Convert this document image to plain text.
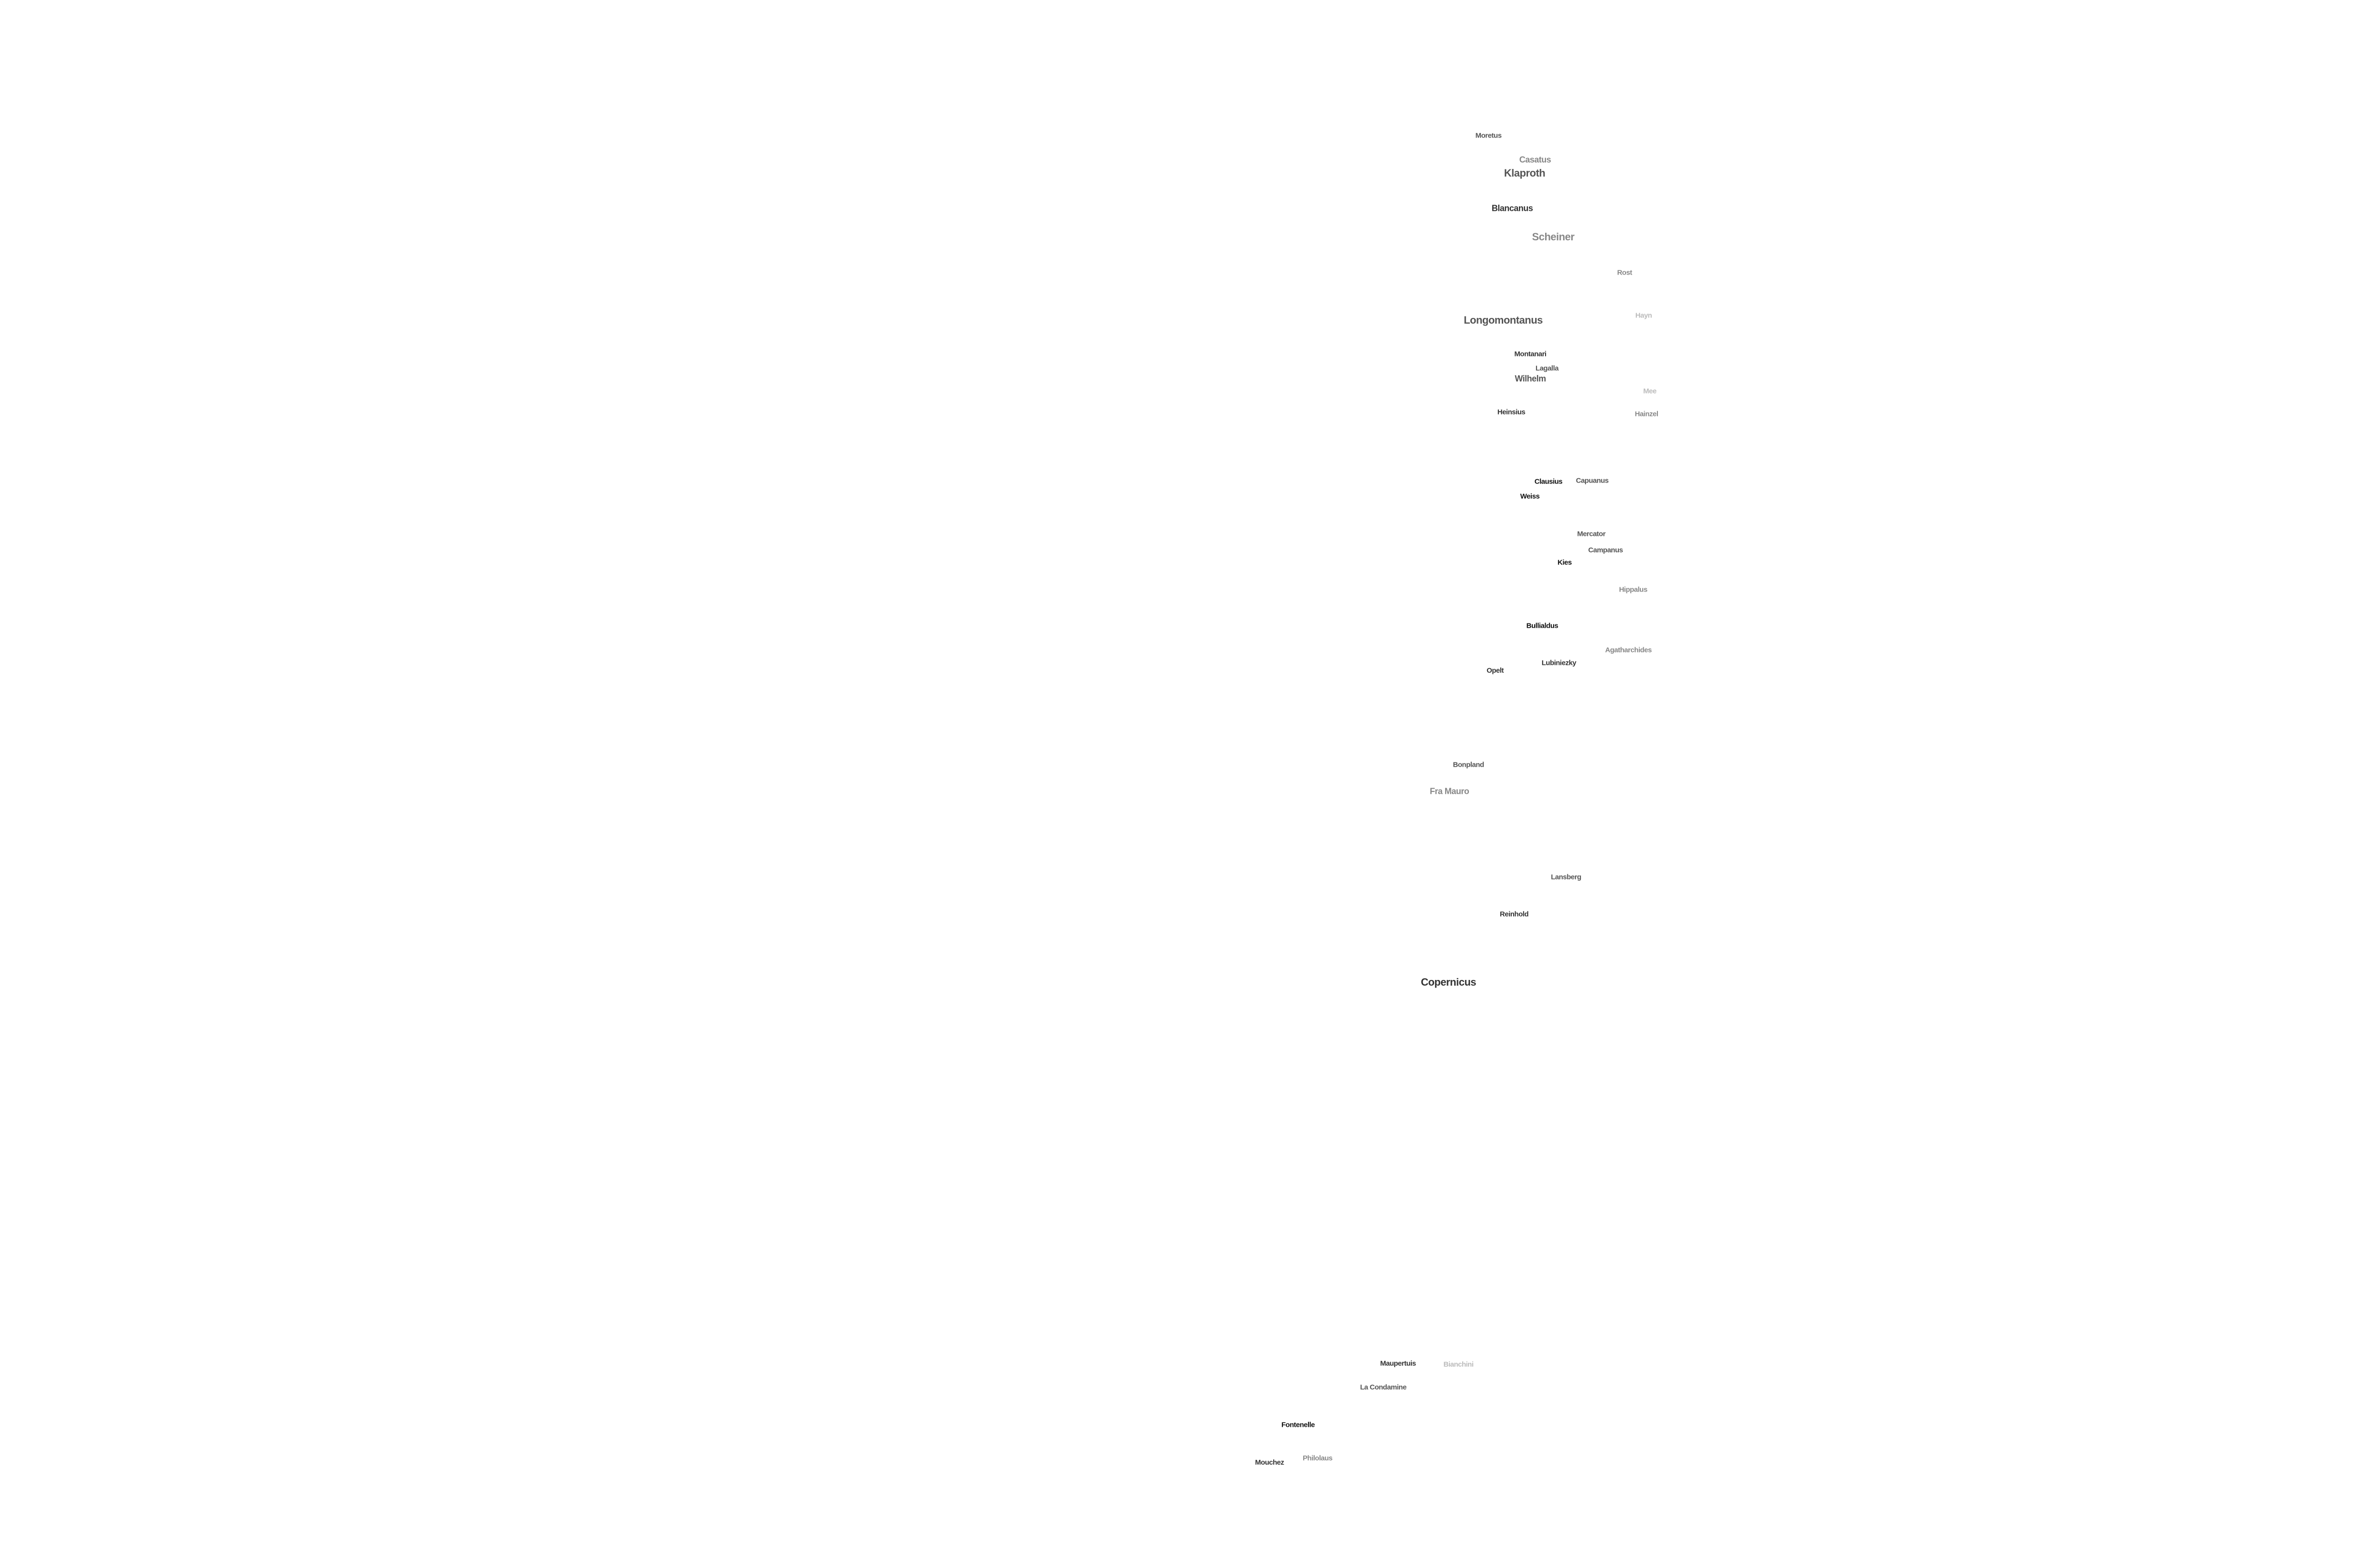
Moretus
Casatus
Klaproth
Blancanus
Scheiner
Rost
Longomontanus	Hayn
Montanari
Lagalla
Wilhelm
Hainzel
Heinsius
Mee
Clausius Capuanus
Weiss
Mercator
Campanus
Kies
Hippalus
Bullialdus
Agatharchides
Lubiniezky
Opelt
Bonpland
Fra Mauro
Lansberg
Reinhold
Copernicus
Maupertuis	Bianchini
La Condamine
Fontenelle
Mouchez
Philolaus
